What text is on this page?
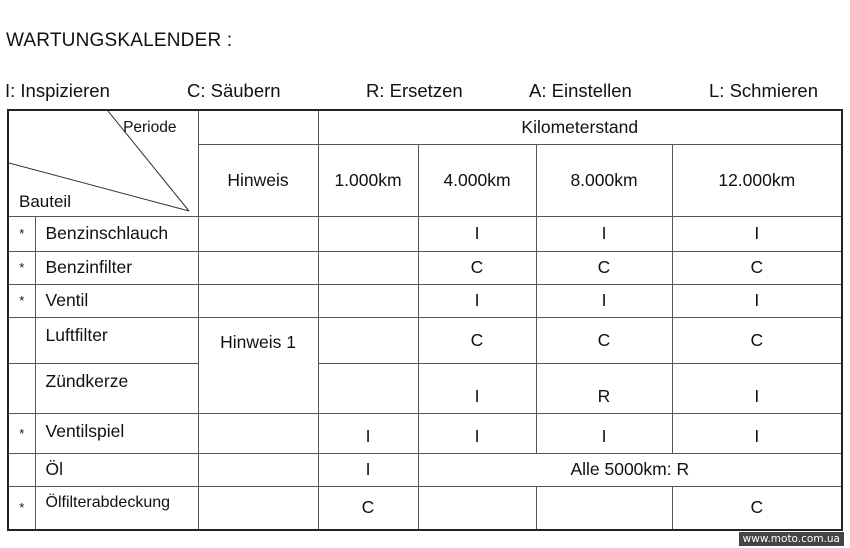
WARTUNGSKALENDER :
I: Inspizieren	C: Säubern	R: Ersetzen	A: Einstellen	L: Schmieren
Periode
Bauteil			Kilometerstand			
		Hinweis	1.000km	4.000km	8.000km	12.000km
*	Benzinschlauch			I	I	I
*	Benzinfilter			C	C	C
*	Ventil			I	I	I
	Luftfilter	Hinweis 1		C	C	C
	Zündkerze			I	R	I
*	Ventilspiel		I	I	I	I
	Öl		I	Alle 5000km: R		
*	Ölfilterabdeckung		C			C
www.moto.com.ua
